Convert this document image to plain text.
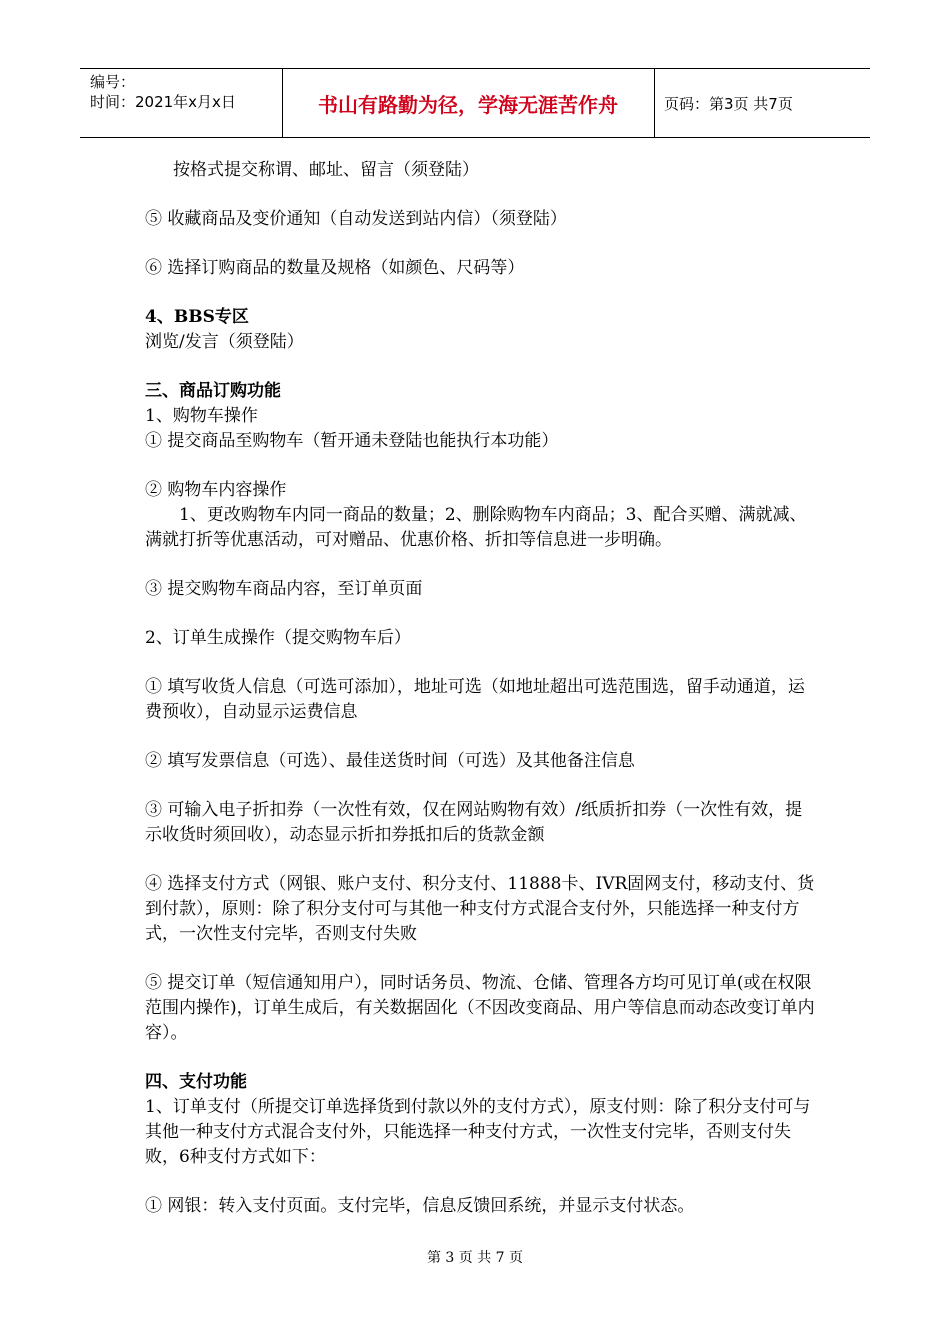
编号：
时间：2021年x月x日	书山有路勤为径，学海无涯苦作舟	页码：第3页 共7页

按格式提交称谓、邮址、留言（须登陆）

⑤ 收藏商品及变价通知（自动发送到站内信）（须登陆）

⑥ 选择订购商品的数量及规格（如颜色、尺码等）

4、BBS专区

浏览/发言（须登陆）

三、商品订购功能

1、购物车操作

① 提交商品至购物车（暂开通未登陆也能执行本功能）

② 购物车内容操作

1、更改购物车内同一商品的数量；2、删除购物车内商品；3、配合买赠、满就减、满就打折等优惠活动，可对赠品、优惠价格、折扣等信息进一步明确。

③ 提交购物车商品内容，至订单页面

2、订单生成操作（提交购物车后）

① 填写收货人信息（可选可添加），地址可选（如地址超出可选范围选，留手动通道，运费预收），自动显示运费信息

② 填写发票信息（可选）、最佳送货时间（可选）及其他备注信息

③ 可输入电子折扣券（一次性有效，仅在网站购物有效）/纸质折扣券（一次性有效，提示收货时须回收），动态显示折扣券抵扣后的货款金额

④ 选择支付方式（网银、账户支付、积分支付、11888卡、IVR固网支付，移动支付、货到付款），原则：除了积分支付可与其他一种支付方式混合支付外，只能选择一种支付方式，一次性支付完毕，否则支付失败

⑤ 提交订单（短信通知用户），同时话务员、物流、仓储、管理各方均可见订单(或在权限范围内操作)，订单生成后，有关数据固化（不因改变商品、用户等信息而动态改变订单内容）。

四、支付功能

1、订单支付（所提交订单选择货到付款以外的支付方式），原支付则：除了积分支付可与其他一种支付方式混合支付外，只能选择一种支付方式，一次性支付完毕，否则支付失败，6种支付方式如下：

① 网银：转入支付页面。支付完毕，信息反馈回系统，并显示支付状态。

第 3 页 共 7 页
